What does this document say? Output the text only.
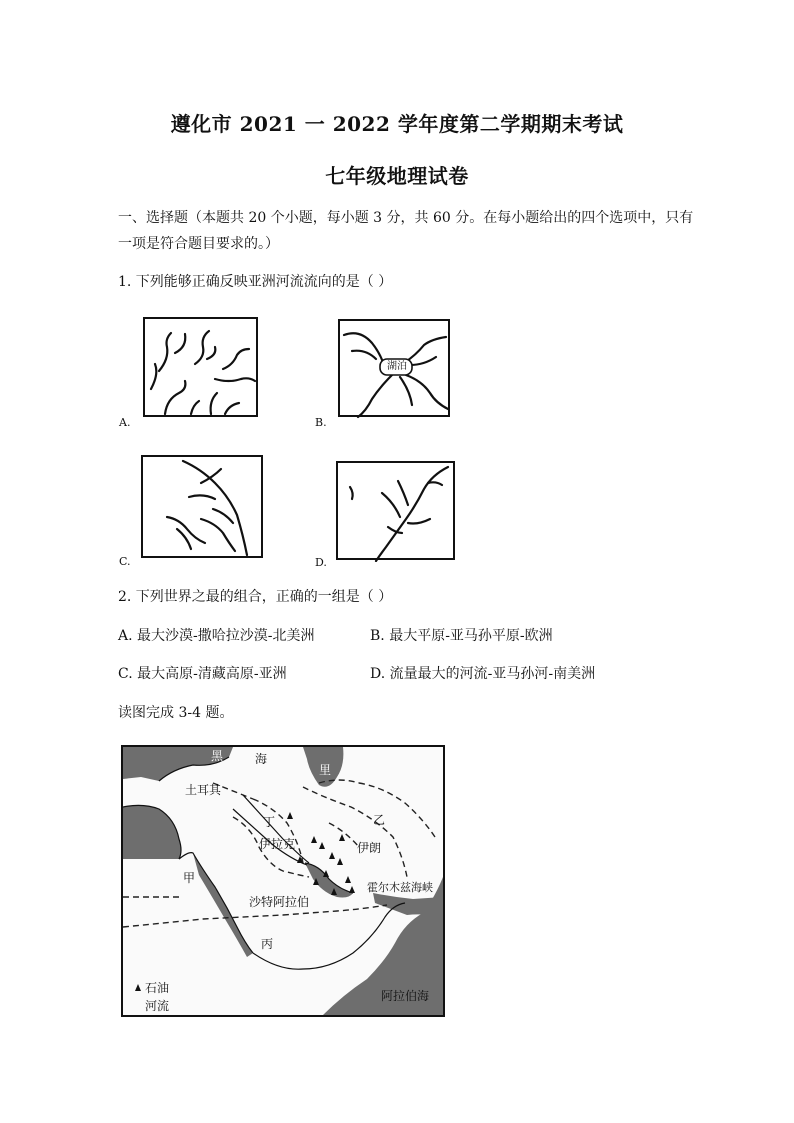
遵化市 2021 一 2022 学年度第二学期期末考试
七年级地理试卷
一、选择题（本题共 20 个小题，每小题 3 分，共 60 分。在每小题给出的四个选项中，只有
一项是符合题目要求的。）
1. 下列能够正确反映亚洲河流流向的是（ ）
A.
湖泊
B.
C.	D.
2. 下列世界之最的组合，正确的一组是（ ）
A. 最大沙漠-撒哈拉沙漠-北美洲	B. 最大平原-亚马孙平原-欧洲
C. 最大高原-清藏高原-亚洲	D. 流量最大的河流-亚马孙河-南美洲
读图完成 3-4 题。
黑	海
里
土耳其
丁	乙
伊拉克	伊朗
甲
霍尔木兹海峡
沙特阿拉伯
丙
阿拉伯海
石油
河流
